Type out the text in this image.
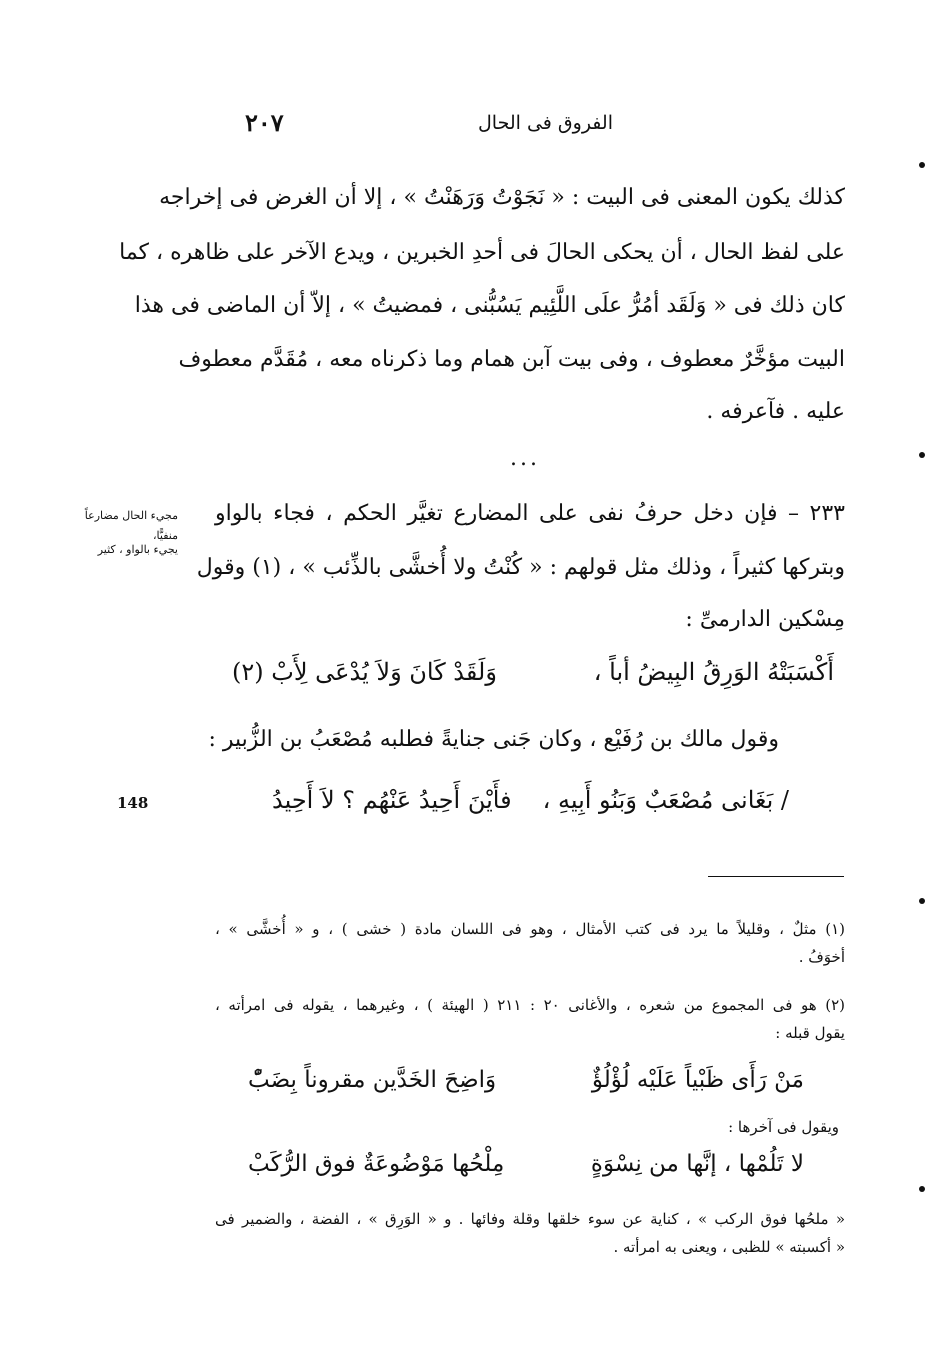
الفروق فى الحال
٢٠٧
كذلك يكون المعنى فى البيت : « نَجَوْتُ وَرَهَنْتُ » ، إلا أن الغرض فى إخراجه
على لفظ الحال ، أن يحكى الحالَ فى أحدِ الخبرين ، ويدع الآخر على ظاهره ، كما
كان ذلك فى « وَلَقَد أمُرُّ علَى اللَّئِيم يَسُبُّنى ، فمضيتُ » ، إلاّ أن الماضى فى هذا
البيت مؤخَّرٌ معطوف ، وفى بيت آبن همام وما ذكرناه معه ، مُقَدَّم معطوف
عليه . فآعرفه .
...
مجيء الحال مضارعاً منفيًّا،
يجيء بالواو ، كثير
٢٣٣ – فإن دخل حرفُ نفى على المضارع تغيَّر الحكم ، فجاء بالواو
وبتركها كثيراً ، وذلك مثل قولهم : « كُنْتُ ولا أُخشَّى بالذِّئب » ، (١) وقول
مِسْكين الدارمىِّ :
أَكْسَبَتْهُ الوَرِقُ البِيضُ أباً ،
وَلَقَدْ كَانَ وَلاَ يُدْعَى لِأَبْ (٢)
وقول مالك بن رُفَيْع ، وكان جَنى جنايةً فطلبه مُصْعَبُ بن الزُّبير :
/ بَغَانى مُصْعَبٌ وَبَنُو أَبِيهِ ،
فأَيْنَ أَحِيدُ عَنْهُم ؟ لاَ أَحِيدُ
148
(١) مثلٌ ، وقليلاً ما يرد فى كتب الأمثال ، وهو فى اللسان مادة ( خشى ) ، و « أُخشَّى » ،
أخوَفُ .
(٢) هو فى المجموع من شعره ، والأغانى ٢٠ : ٢١١ ( الهيئة ) ، وغيرهما ، يقوله فى امرأته ،
يقول قبله :
مَنْ رَأَى ظَبْياً عَلَيْه لُؤْلُؤٌ
وَاضِحَ الخَدَّين مقروناً بِضَبّْ
ويقول فى آخرها :
لا تَلُمْها ، إنَّها من نِسْوَةٍ
مِلْحُها مَوْضُوعَةٌ فوق الرُّكَبْ
« ملحُها فوق الركب » ، كناية عن سوء خلقها وقلة وفائها . و « الوَرِق » ، الفضة ، والضمير فى
« أكسبته » للظبى ، ويعنى به امرأته .
